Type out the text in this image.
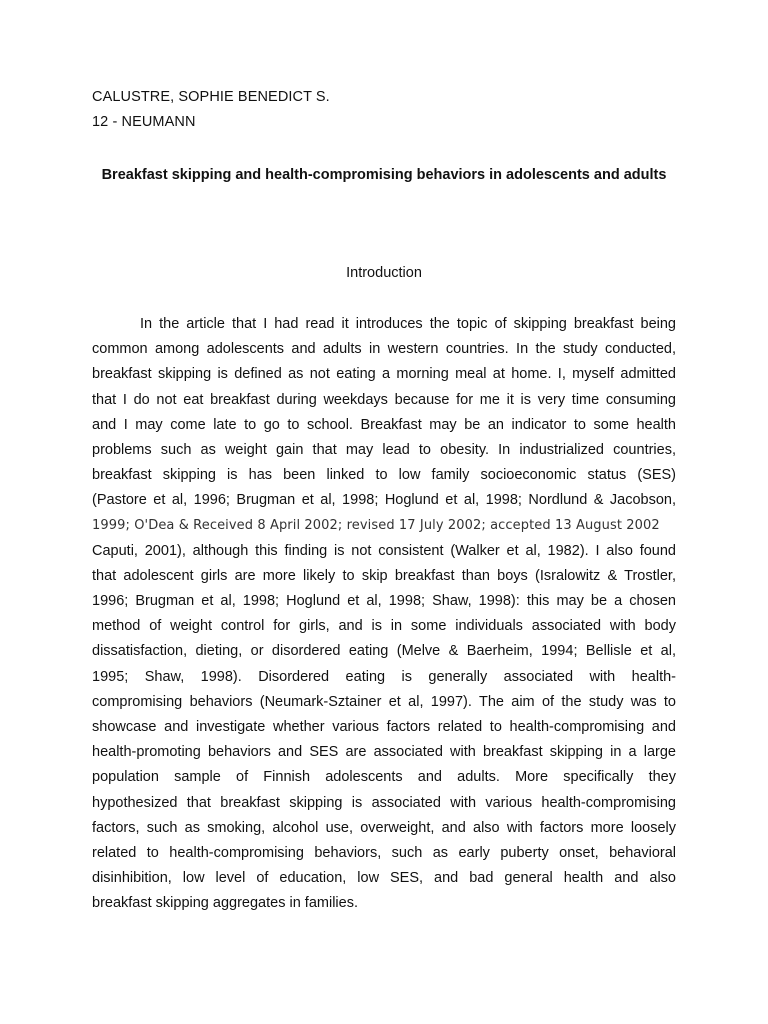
CALUSTRE, SOPHIE BENEDICT S.
12 - NEUMANN
Breakfast skipping and health-compromising behaviors in adolescents and adults
Introduction
In the article that I had read it introduces the topic of skipping breakfast being
common among adolescents and adults in western countries. In the study conducted,
breakfast skipping is defined as not eating a morning meal at home. I, myself admitted
that I do not eat breakfast during weekdays because for me it is very time consuming
and I may come late to go to school. Breakfast may be an indicator to some health
problems such as weight gain that may lead to obesity. In industrialized countries,
breakfast skipping is has been linked to low family socioeconomic status (SES)
(Pastore et al, 1996; Brugman et al, 1998; Hoglund et al, 1998; Nordlund & Jacobson,
1999; O'Dea & Received 8 April 2002; revised 17 July 2002; accepted 13 August 2002
Caputi, 2001), although this finding is not consistent (Walker et al, 1982). I also found
that adolescent girls are more likely to skip breakfast than boys (Isralowitz & Trostler,
1996; Brugman et al, 1998; Hoglund et al, 1998; Shaw, 1998): this may be a chosen
method of weight control for girls, and is in some individuals associated with body
dissatisfaction, dieting, or disordered eating (Melve & Baerheim, 1994; Bellisle et al,
1995; Shaw, 1998). Disordered eating is generally associated with health-
compromising behaviors (Neumark-Sztainer et al, 1997). The aim of the study was to
showcase and investigate whether various factors related to health-compromising and
health-promoting behaviors and SES are associated with breakfast skipping in a large
population sample of Finnish adolescents and adults. More specifically they
hypothesized that breakfast skipping is associated with various health-compromising
factors, such as smoking, alcohol use, overweight, and also with factors more loosely
related to health-compromising behaviors, such as early puberty onset, behavioral
disinhibition, low level of education, low SES, and bad general health and also
breakfast skipping aggregates in families.
